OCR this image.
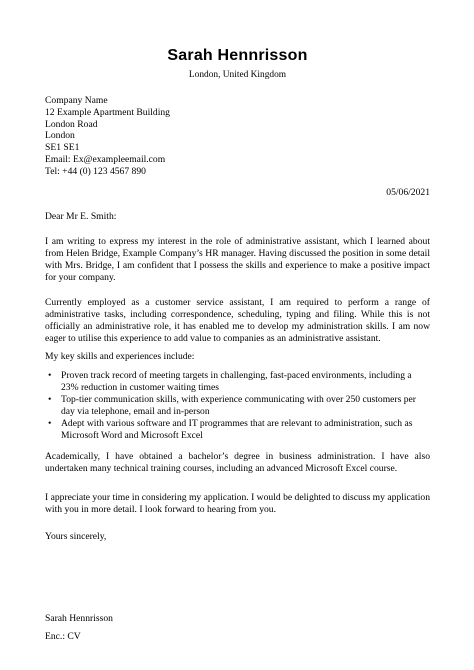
Sarah Hennrisson
London, United Kingdom
Company Name
12 Example Apartment Building
London Road
London
SE1 SE1
Email: Ex@exampleemail.com
Tel: +44 (0) 123 4567 890
05/06/2021
Dear Mr E. Smith:
I am writing to express my interest in the role of administrative assistant, which I learned about from Helen Bridge, Example Company’s HR manager. Having discussed the position in some detail with Mrs. Bridge, I am confident that I possess the skills and experience to make a positive impact for your company.
Currently employed as a customer service assistant, I am required to perform a range of administrative tasks, including correspondence, scheduling, typing and filing. While this is not officially an administrative role, it has enabled me to develop my administration skills. I am now eager to utilise this experience to add value to companies as an administrative assistant.
My key skills and experiences include:
• Proven track record of meeting targets in challenging, fast-paced environments, including a 23% reduction in customer waiting times
• Top-tier communication skills, with experience communicating with over 250 customers per day via telephone, email and in-person
• Adept with various software and IT programmes that are relevant to administration, such as Microsoft Word and Microsoft Excel
Academically, I have obtained a bachelor’s degree in business administration. I have also undertaken many technical training courses, including an advanced Microsoft Excel course.
I appreciate your time in considering my application. I would be delighted to discuss my application with you in more detail. I look forward to hearing from you.
Yours sincerely,
Sarah Hennrisson
Enc.: CV
